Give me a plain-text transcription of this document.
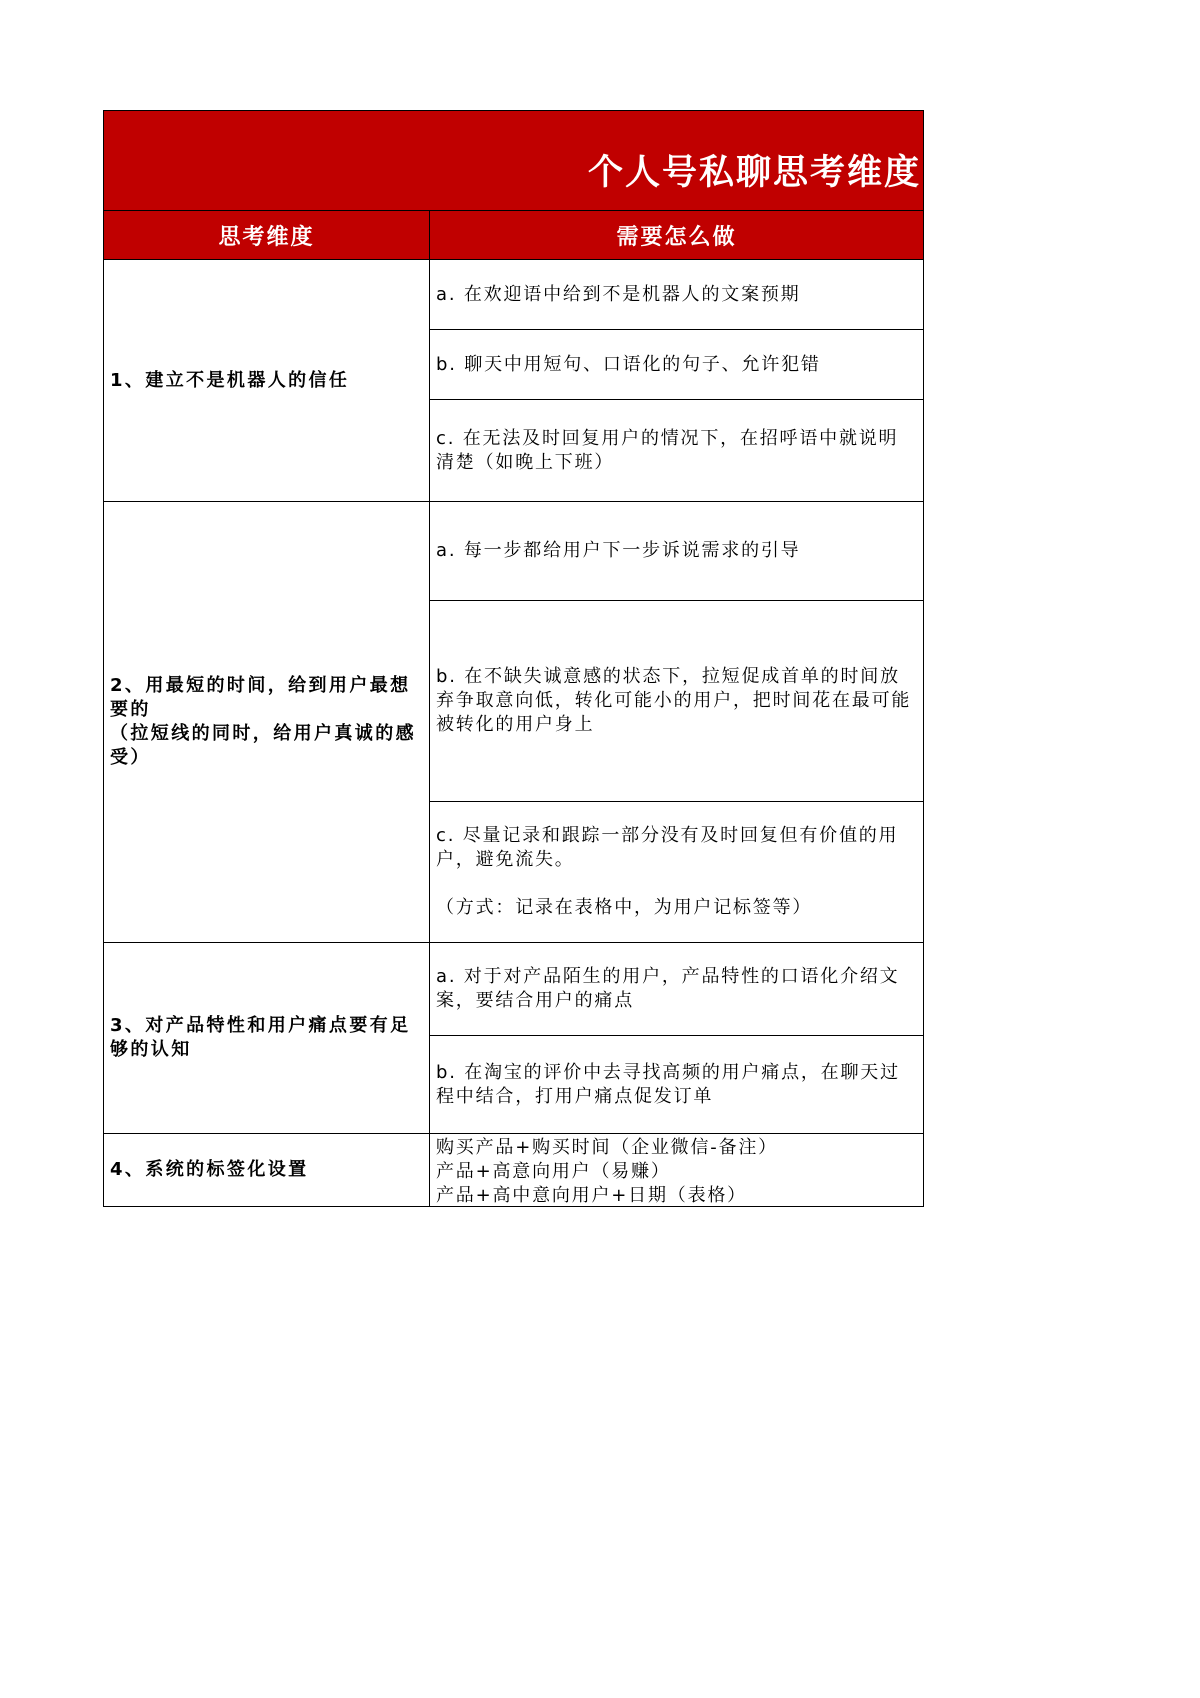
个人号私聊思考维度
思考维度	需要怎么做
1、建立不是机器人的信任
a. 在欢迎语中给到不是机器人的文案预期
b. 聊天中用短句、口语化的句子、允许犯错
c. 在无法及时回复用户的情况下，在招呼语中就说明清楚（如晚上下班）
2、用最短的时间，给到用户最想要的
（拉短线的同时，给用户真诚的感受）
a. 每一步都给用户下一步诉说需求的引导
b. 在不缺失诚意感的状态下，拉短促成首单的时间放弃争取意向低，转化可能小的用户，把时间花在最可能被转化的用户身上
c. 尽量记录和跟踪一部分没有及时回复但有价值的用户，避免流失。

（方式：记录在表格中，为用户记标签等）
3、对产品特性和用户痛点要有足够的认知
a. 对于对产品陌生的用户，产品特性的口语化介绍文案，要结合用户的痛点
b. 在淘宝的评价中去寻找高频的用户痛点，在聊天过程中结合，打用户痛点促发订单
4、系统的标签化设置
购买产品+购买时间（企业微信-备注）
产品+高意向用户（易赚）
产品+高中意向用户+日期（表格）
